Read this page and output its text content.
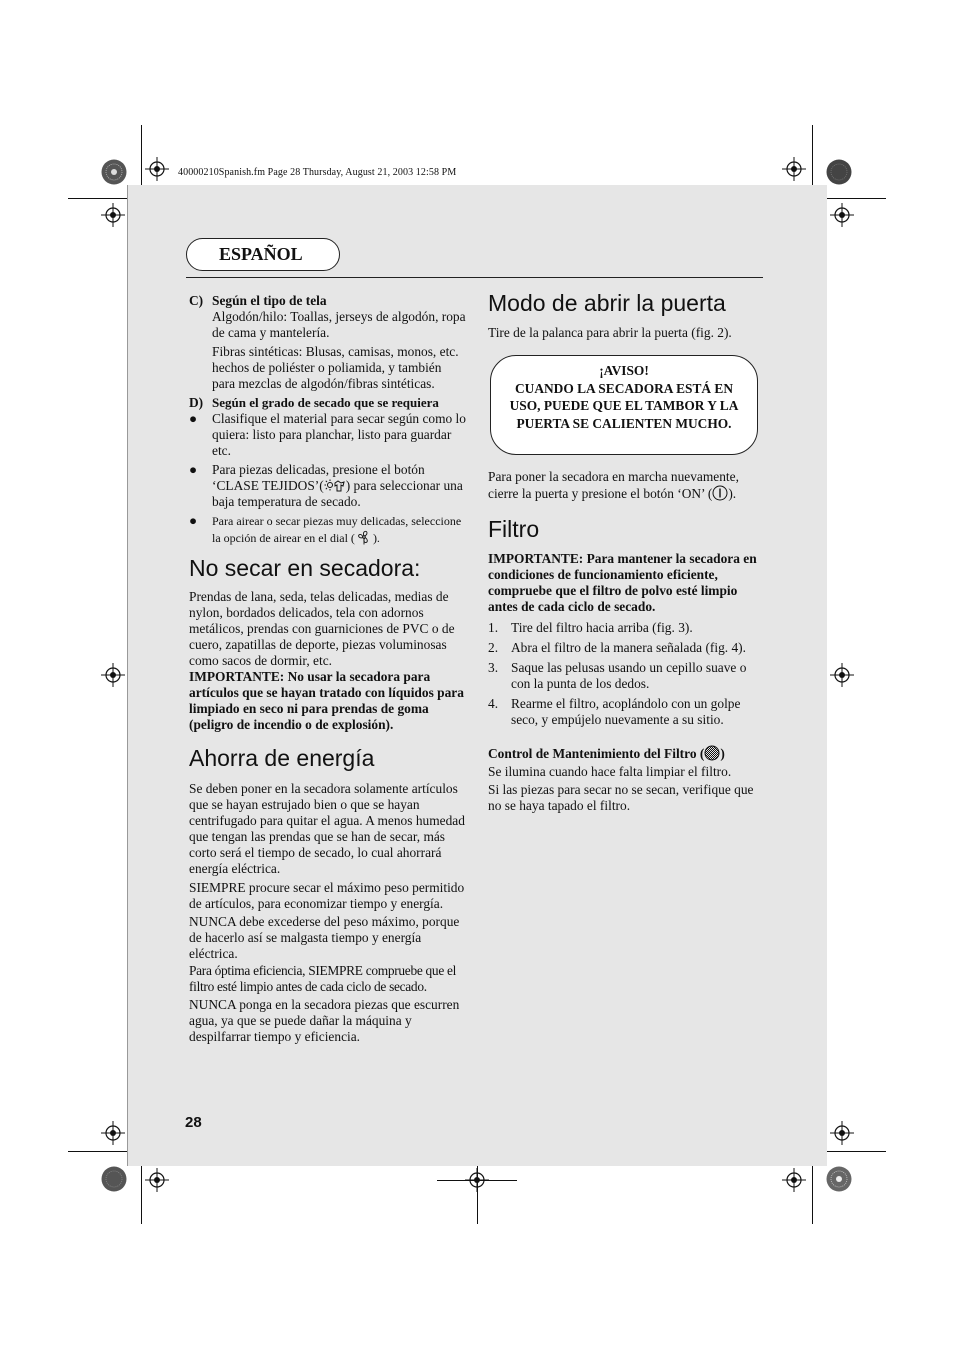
40000210Spanish.fm Page 28 Thursday, August 21, 2003 12:58 PM
ESPAÑOL
C) Según el tipo de tela

Algodón/hilo: Toallas, jerseys de algodón, ropa de cama y mantelería.

Fibras sintéticas: Blusas, camisas, monos, etc. hechos de poliéster o poliamida, y también para mezclas de algodón/fibras sintéticas.

D) Según el grado de secado que se requiera
● Clasifique el material para secar según como lo quiera: listo para planchar, listo para guardar etc.
● Para piezas delicadas, presione el botón ‘CLASE TEJIDOS’( ) para seleccionar una baja temperatura de secado.
● Para airear o secar piezas muy delicadas, seleccione la opción de airear en el dial ( ).
No secar en secadora:

Prendas de lana, seda, telas delicadas, medias de nylon, bordados delicados, tela con adornos metálicos, prendas con guarniciones de PVC o de cuero, zapatillas de deporte, piezas voluminosas como sacos de dormir, etc.

IMPORTANTE: No usar la secadora para artículos que se hayan tratado con líquidos para limpiado en seco ni para prendas de goma (peligro de incendio o de explosión).

Ahorra de energía

Se deben poner en la secadora solamente artículos que se hayan estrujado bien o que se hayan centrifugado para quitar el agua. A menos humedad que tengan las prendas que se han de secar, más corto será el tiempo de secado, lo cual ahorrará energía eléctrica.

SIEMPRE procure secar el máximo peso permitido de artículos, para economizar tiempo y energía.

NUNCA debe excederse del peso máximo, porque de hacerlo así se malgasta tiempo y energía eléctrica.

Para óptima eficiencia, SIEMPRE compruebe que el filtro esté limpio antes de cada ciclo de secado.

NUNCA ponga en la secadora piezas que escurren agua, ya que se puede dañar la máquina y despilfarrar tiempo y eficiencia.

Modo de abrir la puerta

Tire de la palanca para abrir la puerta (fig. 2).

¡AVISO!
CUANDO LA SECADORA ESTÁ EN USO, PUEDE QUE EL TAMBOR Y LA PUERTA SE CALIENTEN MUCHO.

Para poner la secadora en marcha nuevamente, cierre la puerta y presione el botón ‘ON’ ( ).

Filtro

IMPORTANTE: Para mantener la secadora en condiciones de funcionamiento eficiente, compruebe que el filtro de polvo esté limpio antes de cada ciclo de secado.

1. Tire del filtro hacia arriba (fig. 3).
2. Abra el filtro de la manera señalada (fig. 4).
3. Saque las pelusas usando un cepillo suave o con la punta de los dedos.
4. Rearme el filtro, acoplándolo con un golpe seco, y empújelo nuevamente a su sitio.

Control de Mantenimiento del Filtro ( )

Se ilumina cuando hace falta limpiar el filtro.

Si las piezas para secar no se secan, verifique que no se haya tapado el filtro.

28
